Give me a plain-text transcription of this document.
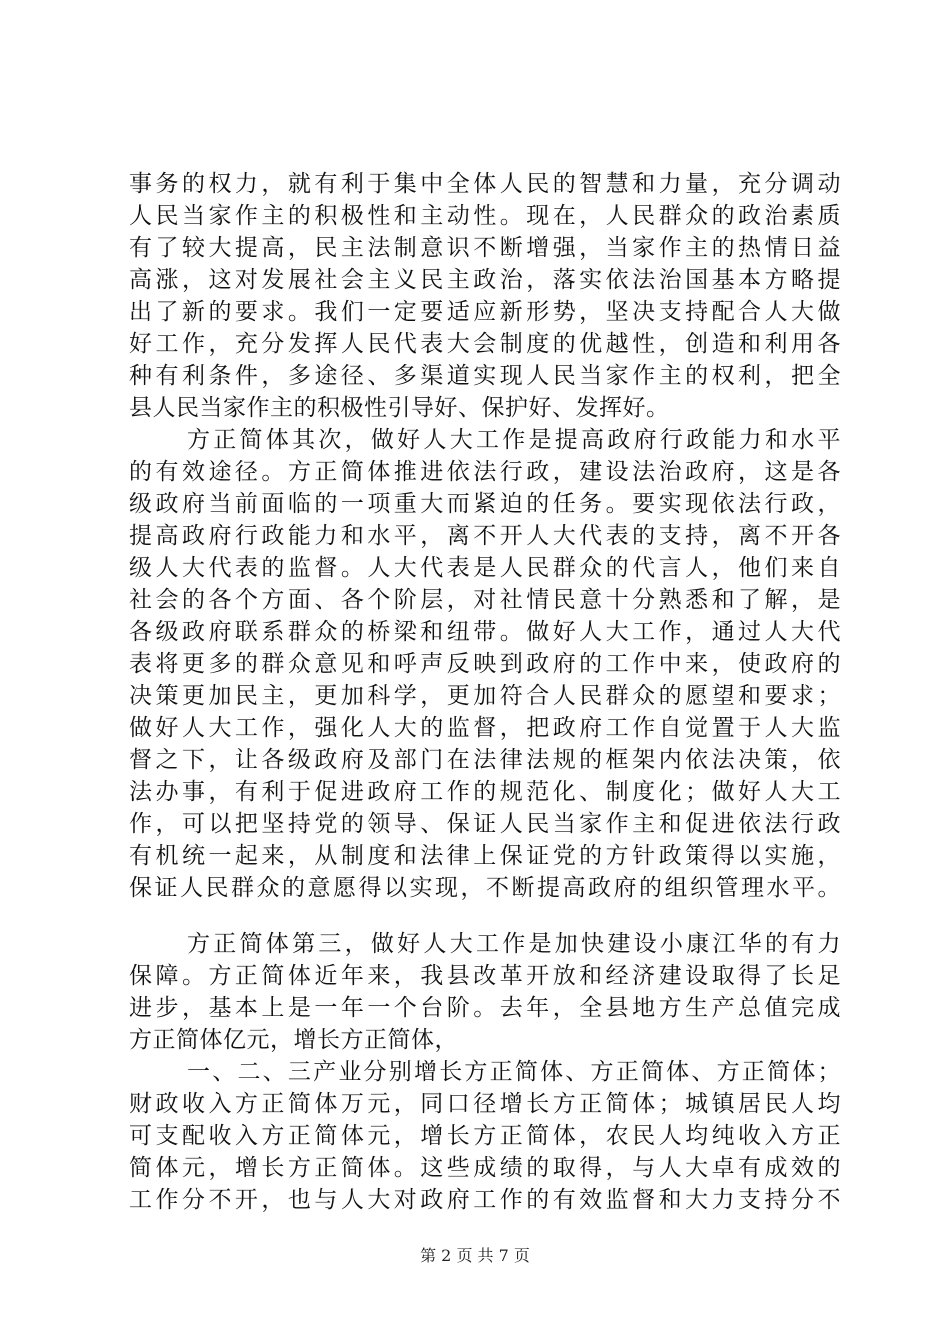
事务的权力，就有利于集中全体人民的智慧和力量，充分调动
人民当家作主的积极性和主动性。现在，人民群众的政治素质
有了较大提高，民主法制意识不断增强，当家作主的热情日益
高涨，这对发展社会主义民主政治，落实依法治国基本方略提
出了新的要求。我们一定要适应新形势，坚决支持配合人大做
好工作，充分发挥人民代表大会制度的优越性，创造和利用各
种有利条件，多途径、多渠道实现人民当家作主的权利，把全
县人民当家作主的积极性引导好、保护好、发挥好。
方正简体其次，做好人大工作是提高政府行政能力和水平
的有效途径。方正简体推进依法行政，建设法治政府，这是各
级政府当前面临的一项重大而紧迫的任务。要实现依法行政，
提高政府行政能力和水平，离不开人大代表的支持，离不开各
级人大代表的监督。人大代表是人民群众的代言人，他们来自
社会的各个方面、各个阶层，对社情民意十分熟悉和了解，是
各级政府联系群众的桥梁和纽带。做好人大工作，通过人大代
表将更多的群众意见和呼声反映到政府的工作中来，使政府的
决策更加民主，更加科学，更加符合人民群众的愿望和要求；
做好人大工作，强化人大的监督，把政府工作自觉置于人大监
督之下，让各级政府及部门在法律法规的框架内依法决策，依
法办事，有利于促进政府工作的规范化、制度化；做好人大工
作，可以把坚持党的领导、保证人民当家作主和促进依法行政
有机统一起来，从制度和法律上保证党的方针政策得以实施，
保证人民群众的意愿得以实现，不断提高政府的组织管理水平。
方正简体第三，做好人大工作是加快建设小康江华的有力
保障。方正简体近年来，我县改革开放和经济建设取得了长足
进步，基本上是一年一个台阶。去年，全县地方生产总值完成
方正简体亿元，增长方正简体，
一、二、三产业分别增长方正简体、方正简体、方正简体；
财政收入方正简体万元，同口径增长方正简体；城镇居民人均
可支配收入方正简体元，增长方正简体，农民人均纯收入方正
简体元，增长方正简体。这些成绩的取得，与人大卓有成效的
工作分不开，也与人大对政府工作的有效监督和大力支持分不
第 2 页 共 7 页
